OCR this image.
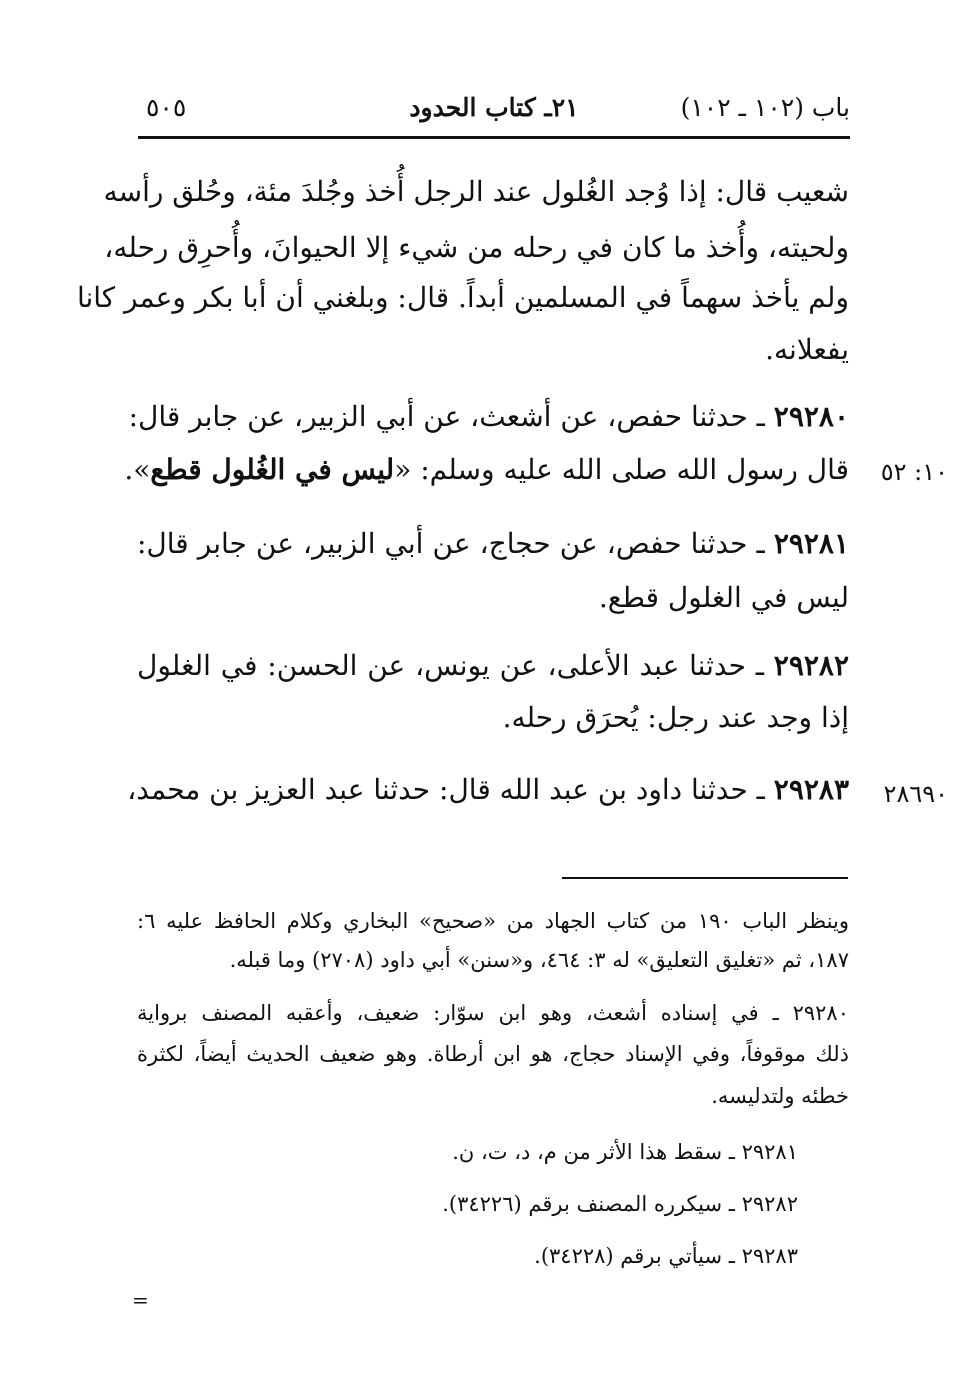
باب (١٠٢ ـ ١٠٢)
٢١ـ كتاب الحدود
٥٠٥
شعيب قال: إذا وُجد الغُلول عند الرجل أُخذ وجُلدَ مئة، وحُلق رأسه
ولحيته، وأُخذ ما كان في رحله من شيء إلا الحيوانَ، وأُحرِق رحله،
ولم يأخذ سهماً في المسلمين أبداً. قال: وبلغني أن أبا بكر وعمر كانا
يفعلانه.
٢٩٢٨٠ ـ حدثنا حفص، عن أشعث، عن أبي الزبير، عن جابر قال:
قال رسول الله صلى الله عليه وسلم: «ليس في الغُلول قطع».	١٠: ٥٢
٢٩٢٨١ ـ حدثنا حفص، عن حجاج، عن أبي الزبير، عن جابر قال:
ليس في الغلول قطع.
٢٩٢٨٢ ـ حدثنا عبد الأعلى، عن يونس، عن الحسن: في الغلول
إذا وجد عند رجل: يُحرَق رحله.
٢٩٢٨٣ ـ حدثنا داود بن عبد الله قال: حدثنا عبد العزيز بن محمد،	٢٨٦٩٠
وينظر الباب ١٩٠ من كتاب الجهاد من «صحيح» البخاري وكلام الحافظ عليه ٦:
١٨٧، ثم «تغليق التعليق» له ٣: ٤٦٤، و«سنن» أبي داود (٢٧٠٨) وما قبله.
٢٩٢٨٠ ـ في إسناده أشعث، وهو ابن سوّار: ضعيف، وأعقبه المصنف برواية
ذلك موقوفاً، وفي الإسناد حجاج، هو ابن أرطاة. وهو ضعيف الحديث أيضاً، لكثرة
خطئه ولتدليسه.
٢٩٢٨١ ـ سقط هذا الأثر من م، د، ت، ن.
٢٩٢٨٢ ـ سيكرره المصنف برقم (٣٤٢٢٦).
٢٩٢٨٣ ـ سيأتي برقم (٣٤٢٢٨).
=
